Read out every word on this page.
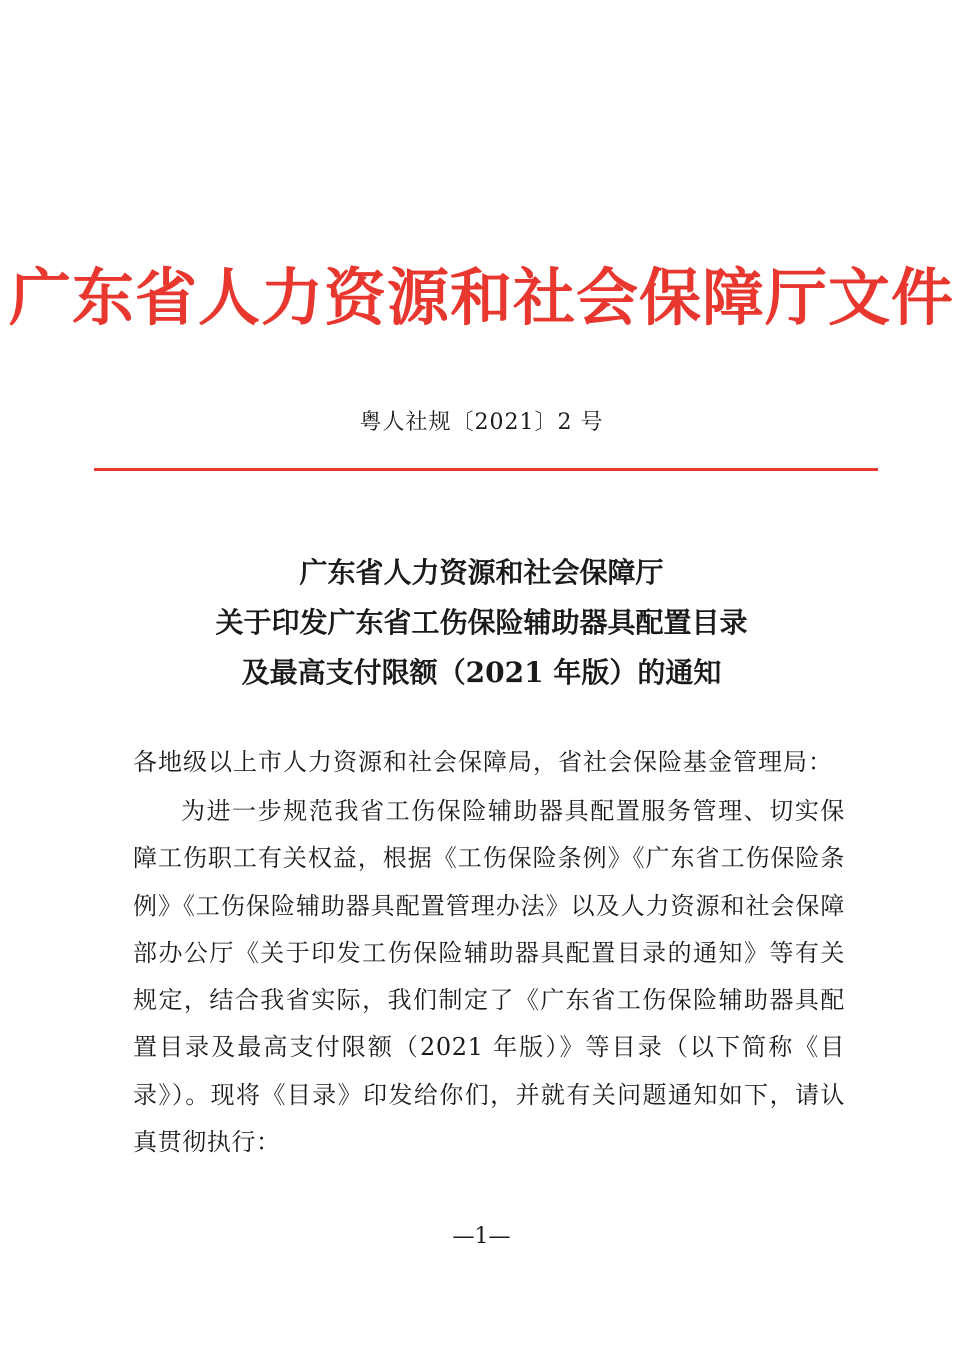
广东省人力资源和社会保障厅文件
粤人社规〔2021〕2 号
广东省人力资源和社会保障厅
关于印发广东省工伤保险辅助器具配置目录
及最高支付限额（2021 年版）的通知
各地级以上市人力资源和社会保障局，省社会保险基金管理局：
为进一步规范我省工伤保险辅助器具配置服务管理、切实保障工伤职工有关权益，根据《工伤保险条例》《广东省工伤保险条例》《工伤保险辅助器具配置管理办法》以及人力资源和社会保障部办公厅《关于印发工伤保险辅助器具配置目录的通知》等有关规定，结合我省实际，我们制定了《广东省工伤保险辅助器具配置目录及最高支付限额（2021 年版）》等目录（以下简称《目录》）。现将《目录》印发给你们，并就有关问题通知如下，请认真贯彻执行：
—1—
